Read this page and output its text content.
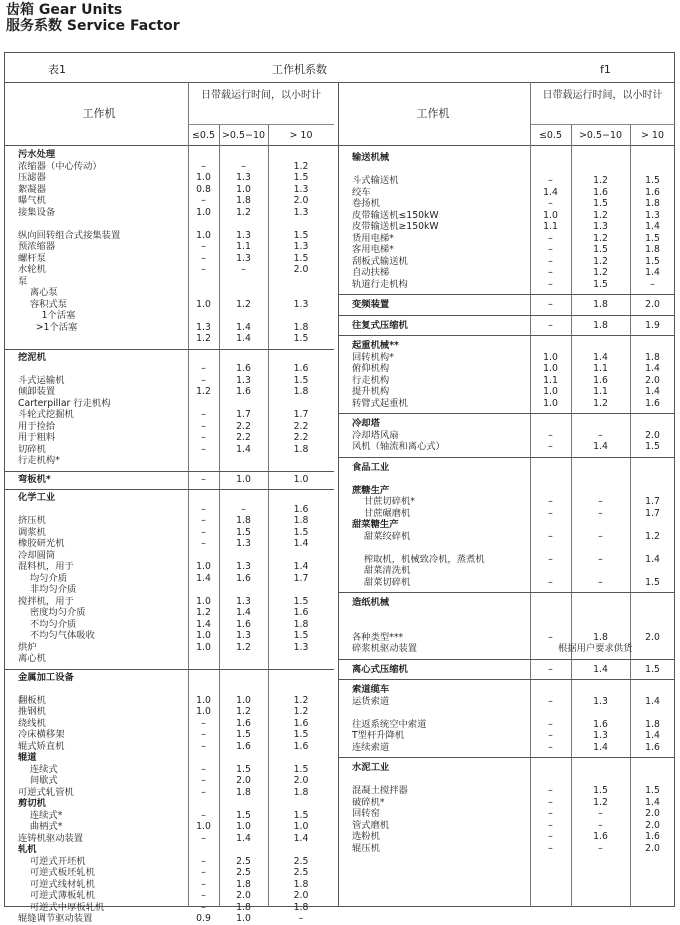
齿箱 Gear Units
服务系数 Service Factor
表1	工作机系数	f1
工作机
日带载运行时间，以小时计
≤0.5 >0.5−10	> 10
工作机
日带载运行时间，以小时计
≤0.5	>0.5−10	> 10
污水处理
浓缩器（中心传动）	–	–	1.2
压滤器	1.0	1.3	1.5
絮凝器	0.8	1.0	1.3
曝气机	–	1.8	2.0
接集设备	1.0	1.2	1.3
纵向回转组合式接集装置	1.0	1.3	1.5
预浓缩器	–	1.1	1.3
螺杆泵	–	1.3	1.5
水轮机	–	–	2.0
泵
离心泵
容积式泵	1.0	1.2	1.3
1个活塞
>1个活塞	1.3	1.4	1.8
1.2	1.4	1.5
挖泥机
–	1.6	1.6
斗式运输机	–	1.3	1.5
倾卸装置	1.2	1.6	1.8
Carterpillar 行走机构
斗轮式挖掘机	–	1.7	1.7
用于捡拾	–	2.2	2.2
用于粗料	–	2.2	2.2
切碎机	–	1.4	1.8
行走机构*
弯板机*	–	1.0	1.0
化学工业
–	–	1.6
挤压机	–	1.8	1.8
调浆机	–	1.5	1.5
橡胶研光机	–	1.3	1.4
冷却圆筒
混料机，用于	1.0	1.3	1.4
均匀介质	1.4	1.6	1.7
非均匀介质
搅拌机，用于	1.0	1.3	1.5
密度均匀介质	1.2	1.4	1.6
不均匀介质	1.4	1.6	1.8
不均匀气体吸收	1.0	1.3	1.5
烘炉	1.0	1.2	1.3
离心机
金属加工设备
翻板机	1.0	1.0	1.2
推钢机	1.0	1.2	1.2
绕线机	–	1.6	1.6
冷床横移架	–	1.5	1.5
辊式矫直机	–	1.6	1.6
辊道
连续式	–	1.5	1.5
间歇式	–	2.0	2.0
可逆式轧管机	–	1.8	1.8
剪切机
连续式*	–	1.5	1.5
曲柄式*	1.0	1.0	1.0
连铸机驱动装置	–	1.4	1.4
轧机
可逆式开坯机	–	2.5	2.5
可逆式板坯轧机	–	2.5	2.5
可逆式线材轧机	–	1.8	1.8
可逆式薄板轧机	–	2.0	2.0
可逆式中厚板轧机	–	1.8	1.8
辊缝调节驱动装置	0.9	1.0	–
输送机械
斗式输送机	–	1.2	1.5
绞车	1.4	1.6	1.6
卷扬机	–	1.5	1.8
皮带输送机≤150kW	1.0	1.2	1.3
皮带输送机≥150kW	1.1	1.3	1.4
货用电梯*	–	1.2	1.5
客用电梯*	–	1.5	1.8
刮板式输送机	–	1.2	1.5
自动扶梯	–	1.2	1.4
轨道行走机构	–	1.5	–
变频装置	–	1.8	2.0
往复式压缩机	–	1.8	1.9
起重机械**
回转机构*	1.0	1.4	1.8
俯仰机构	1.0	1.1	1.4
行走机构	1.1	1.6	2.0
提升机构	1.0	1.1	1.4
转臂式起重机	1.0	1.2	1.6
冷却塔
冷却塔风扇	–	–	2.0
风机（轴流和离心式）	–	1.4	1.5
食品工业
蔗糖生产
甘蔗切碎机*	–	–	1.7
甘蔗碾磨机	–	–	1.7
甜菜糖生产
甜菜绞碎机	–	–	1.2
榨取机，机械致冷机，蒸煮机	–	–	1.4
甜菜清洗机
甜菜切碎机	–	–	1.5
造纸机械
各种类型***	–	1.8	2.0
碎浆机驱动装置	根据用户要求供货
离心式压缩机	–	1.4	1.5
索道缆车
运货索道	–	1.3	1.4
往返系统空中索道	–	1.6	1.8
T型杆升降机	–	1.3	1.4
连续索道	–	1.4	1.6
水泥工业
混凝土搅拌器	–	1.5	1.5
破碎机*	–	1.2	1.4
回转窑	–	–	2.0
管式磨机	–	–	2.0
选粉机	–	1.6	1.6
辊压机	–	–	2.0
